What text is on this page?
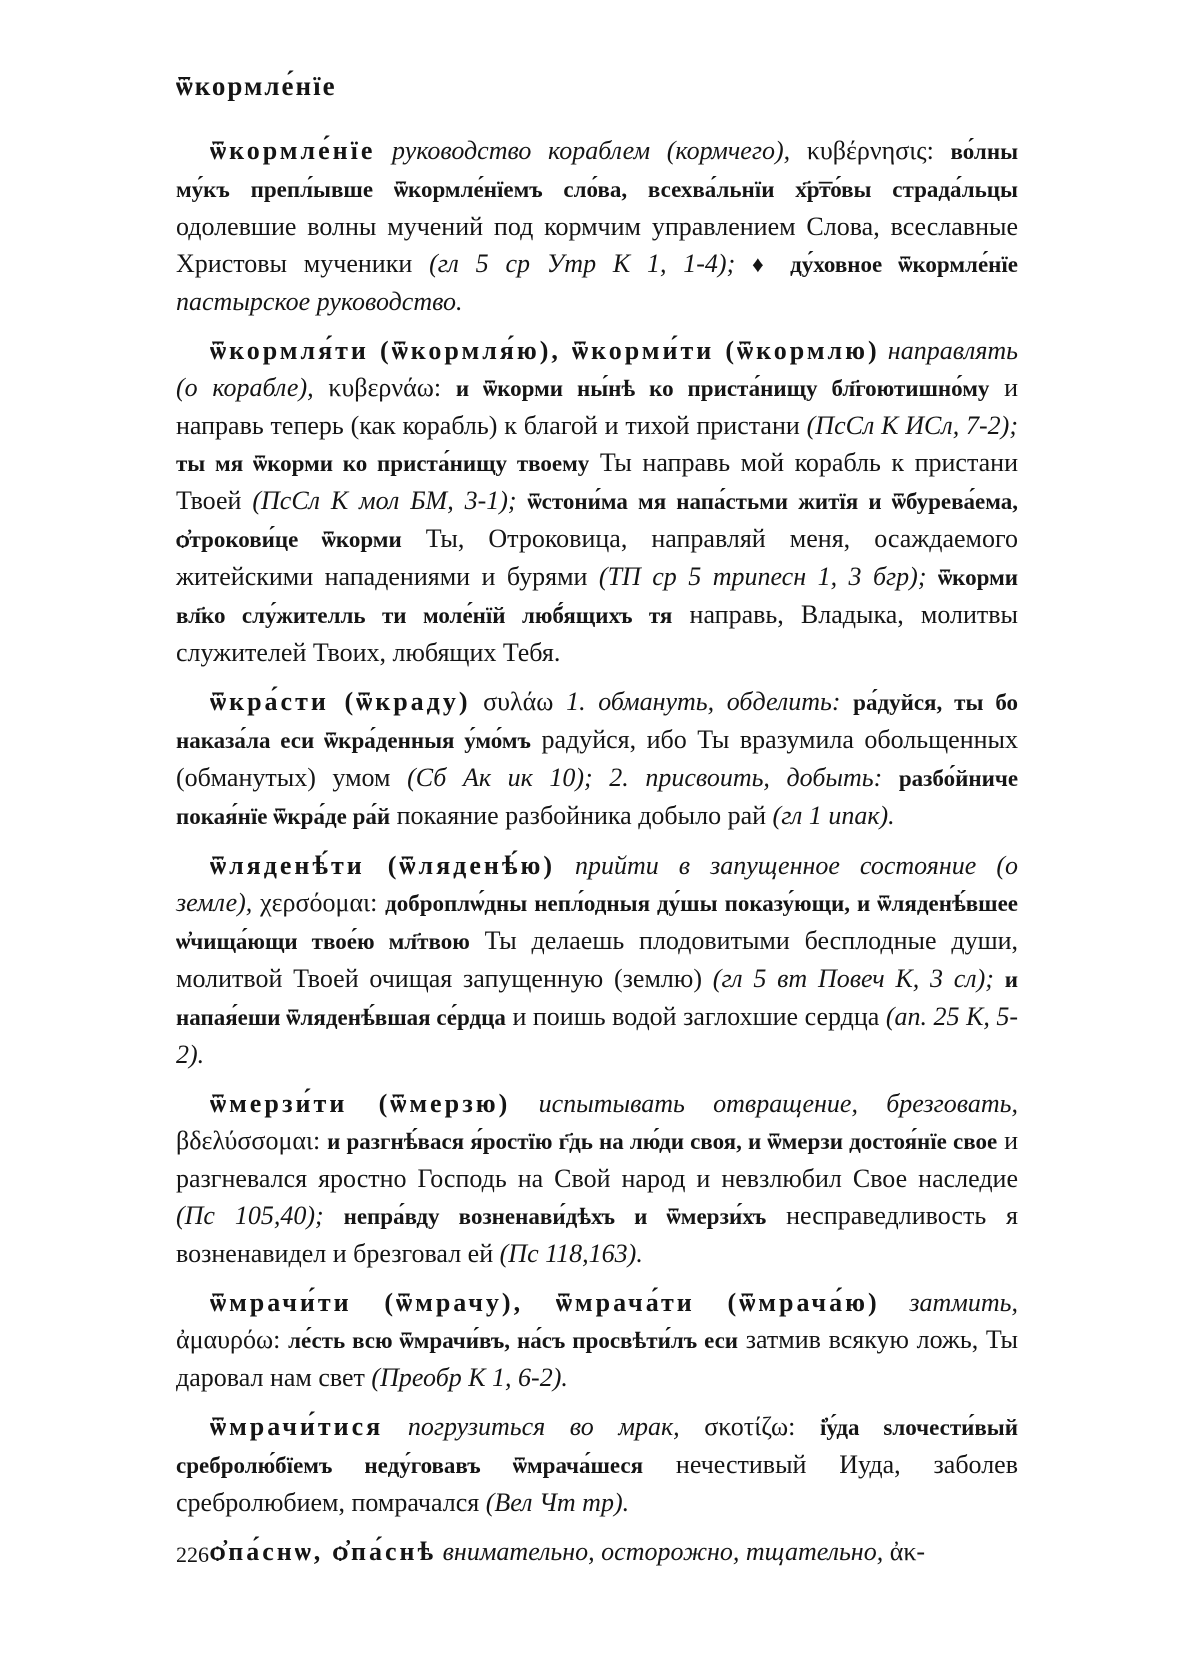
ѿкормле́нїе

ѿкормле́нїе руководство кораблем (кормчего), κυβέρνησις: во́лны му́къ препл́ывше ѿкормле́нїемъ сло́ва, всехва́льнїи х҃р͞то́вы страда́льцы одолевшие волны мучений под кормчим управлением Слова, всеславные Христовы мученики (гл 5 ср Утр К 1, 1-4); ♦ ду́ховное ѿкормле́нїе пастырское руководство.

ѿкормля́ти (ѿкормля́ю), ѿкорми́ти (ѿкормлю) направлять (о корабле), κυβερνάω: и ѿкорми ны́нѣ ко приста́нищу бл҃гоютишно́му и направь теперь (как корабль) к благой и тихой пристани (ПсСл К ИСл, 7-2); ты мя ѿкорми ко приста́нищу твоему Ты направь мой корабль к пристани Твоей (ПсСл К мол БМ, 3-1); ѿстони́ма мя напа́стьми житїя и ѿбурева́ема, ѻ҆трокови́це ѿкорми Ты, Отроковица, направляй меня, осаждаемого житейскими нападениями и бурями (ТП ср 5 трипесн 1, 3 бгр); ѿкорми вл҃ко слу́жителль ти моле́нїй люб́ящихъ тя направь, Владыка, молитвы служителей Твоих, любящих Тебя.

ѿкра́сти (ѿкраду) συλάω 1. обмануть, обделить: ра́дуйся, ты бо наказа́ла еси ѿкра́денныя у́мо́мъ радуйся, ибо Ты вразумила обольщенных (обманутых) умом (Сб Ак ик 10); 2. присвоить, добыть: разбо́йниче покая́нїе ѿкра́де ра́й покаяние разбойника добыло рай (гл 1 ипак).

ѿляденѣ́ти (ѿляденѣ́ю) прийти в запущенное состояние (о земле), χερσόομαι: доброплѡ́дны непл́одныя ду́шы показу́ющи, и ѿляденѣ́вшее ѡ҆чища́ющи твое́ю мл҃твою Ты делаешь плодовитыми бесплодные души, молитвой Твоей очищая запущенную (землю) (гл 5 вт Повеч К, 3 сл); и напая́еши ѿляденѣ́вшая се́рдца и поишь водой заглохшие сердца (ап. 25 К, 5-2).

ѿмерзи́ти (ѿмерзю) испытывать отвращение, брезговать, βδελύσσομαι: и разгнѣ́вася я́ростїю г҃дь на лю́ди своя, и ѿмерзи достоя́нїе свое и разгневался яростно Господь на Свой народ и невзлюбил Свое наследие (Пс 105,40); непра́вду возненави́дѣхъ и ѿмерзи́хъ несправедливость я возненавидел и брезговал ей (Пс 118,163).

ѿмрачи́ти (ѿмрачу), ѿмрача́ти (ѿмрача́ю) затмить, ἀμαυρόω: ле́сть всю ѿмрачи́въ, на́съ просвѣти́лъ еси затмив всякую ложь, Ты даровал нам свет (Преобр К 1, 6-2).

ѿмрачи́тися погрузиться во мрак, σκοτίζω: і҆у́да ѕлочести́вый сребролю́бїемъ неду́говавъ ѿмрача́шеся нечестивый Иуда, заболев сребролюбием, помрачался (Вел Чт тр).

ѻ҆па́снѡ, ѻ҆па́снѣ внимательно, осторожно, тщательно, ἀκ-

226
